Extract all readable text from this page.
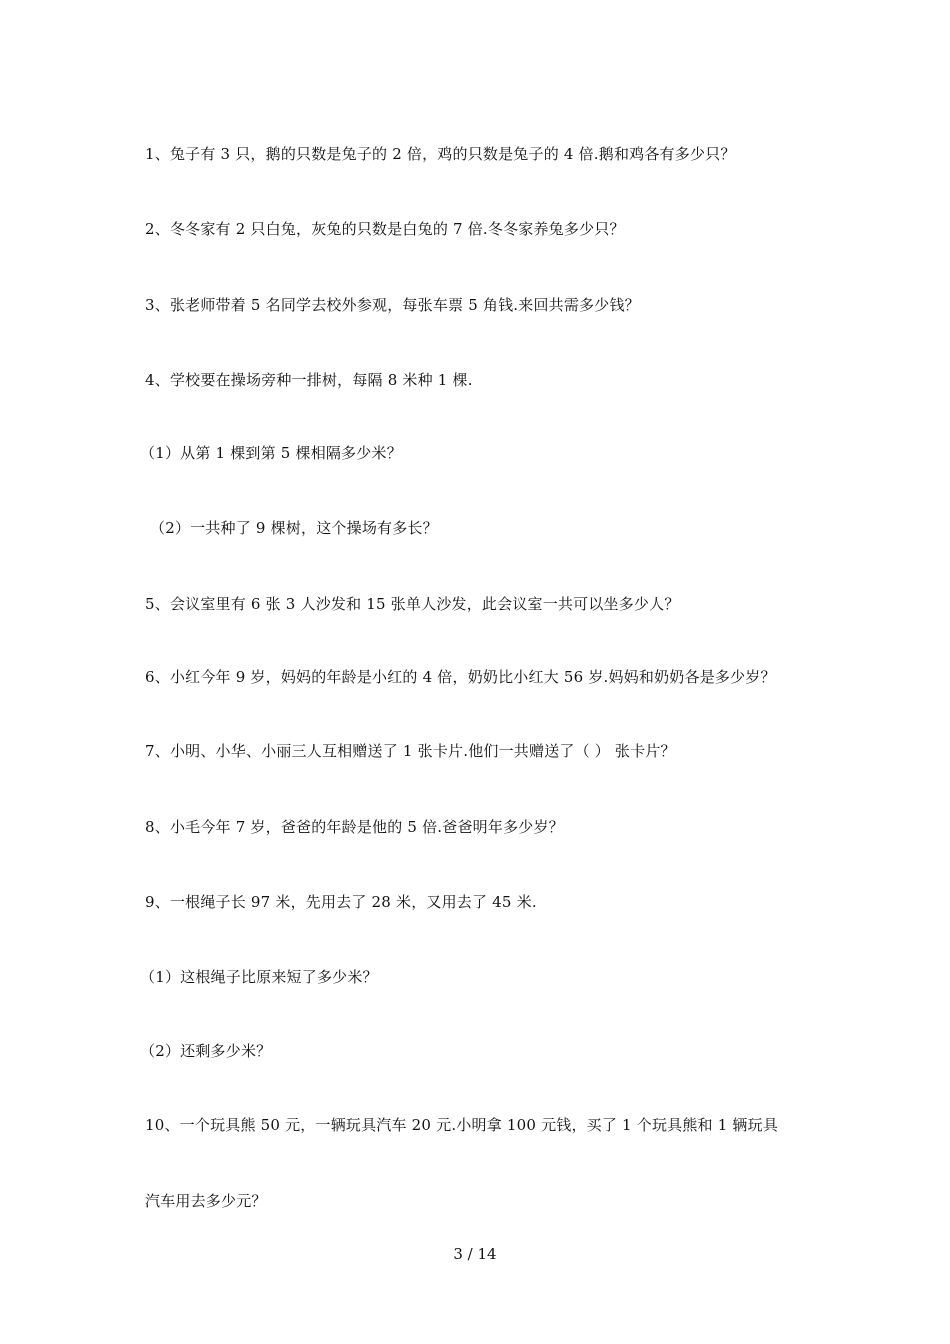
1、兔子有 3 只，鹅的只数是兔子的 2 倍，鸡的只数是兔子的 4 倍.鹅和鸡各有多少只？
2、冬冬家有 2 只白兔，灰兔的只数是白兔的 7 倍.冬冬家养兔多少只？
3、张老师带着 5 名同学去校外参观，每张车票 5 角钱.来回共需多少钱？
4、学校要在操场旁种一排树，每隔 8 米种 1 棵.
（1）从第 1 棵到第 5 棵相隔多少米？
（2）一共种了 9 棵树，这个操场有多长？
5、会议室里有 6 张 3 人沙发和 15 张单人沙发，此会议室一共可以坐多少人？
6、小红今年 9 岁，妈妈的年龄是小红的 4 倍，奶奶比小红大 56 岁.妈妈和奶奶各是多少岁？
7、小明、小华、小丽三人互相赠送了 1 张卡片.他们一共赠送了（ ） 张卡片？
8、小毛今年 7 岁，爸爸的年龄是他的 5 倍.爸爸明年多少岁？
9、一根绳子长 97 米，先用去了 28 米，又用去了 45 米.
（1）这根绳子比原来短了多少米？
（2）还剩多少米？
10、一个玩具熊 50 元，一辆玩具汽车 20 元.小明拿 100 元钱，买了 1 个玩具熊和 1 辆玩具
汽车用去多少元？
3 / 14
